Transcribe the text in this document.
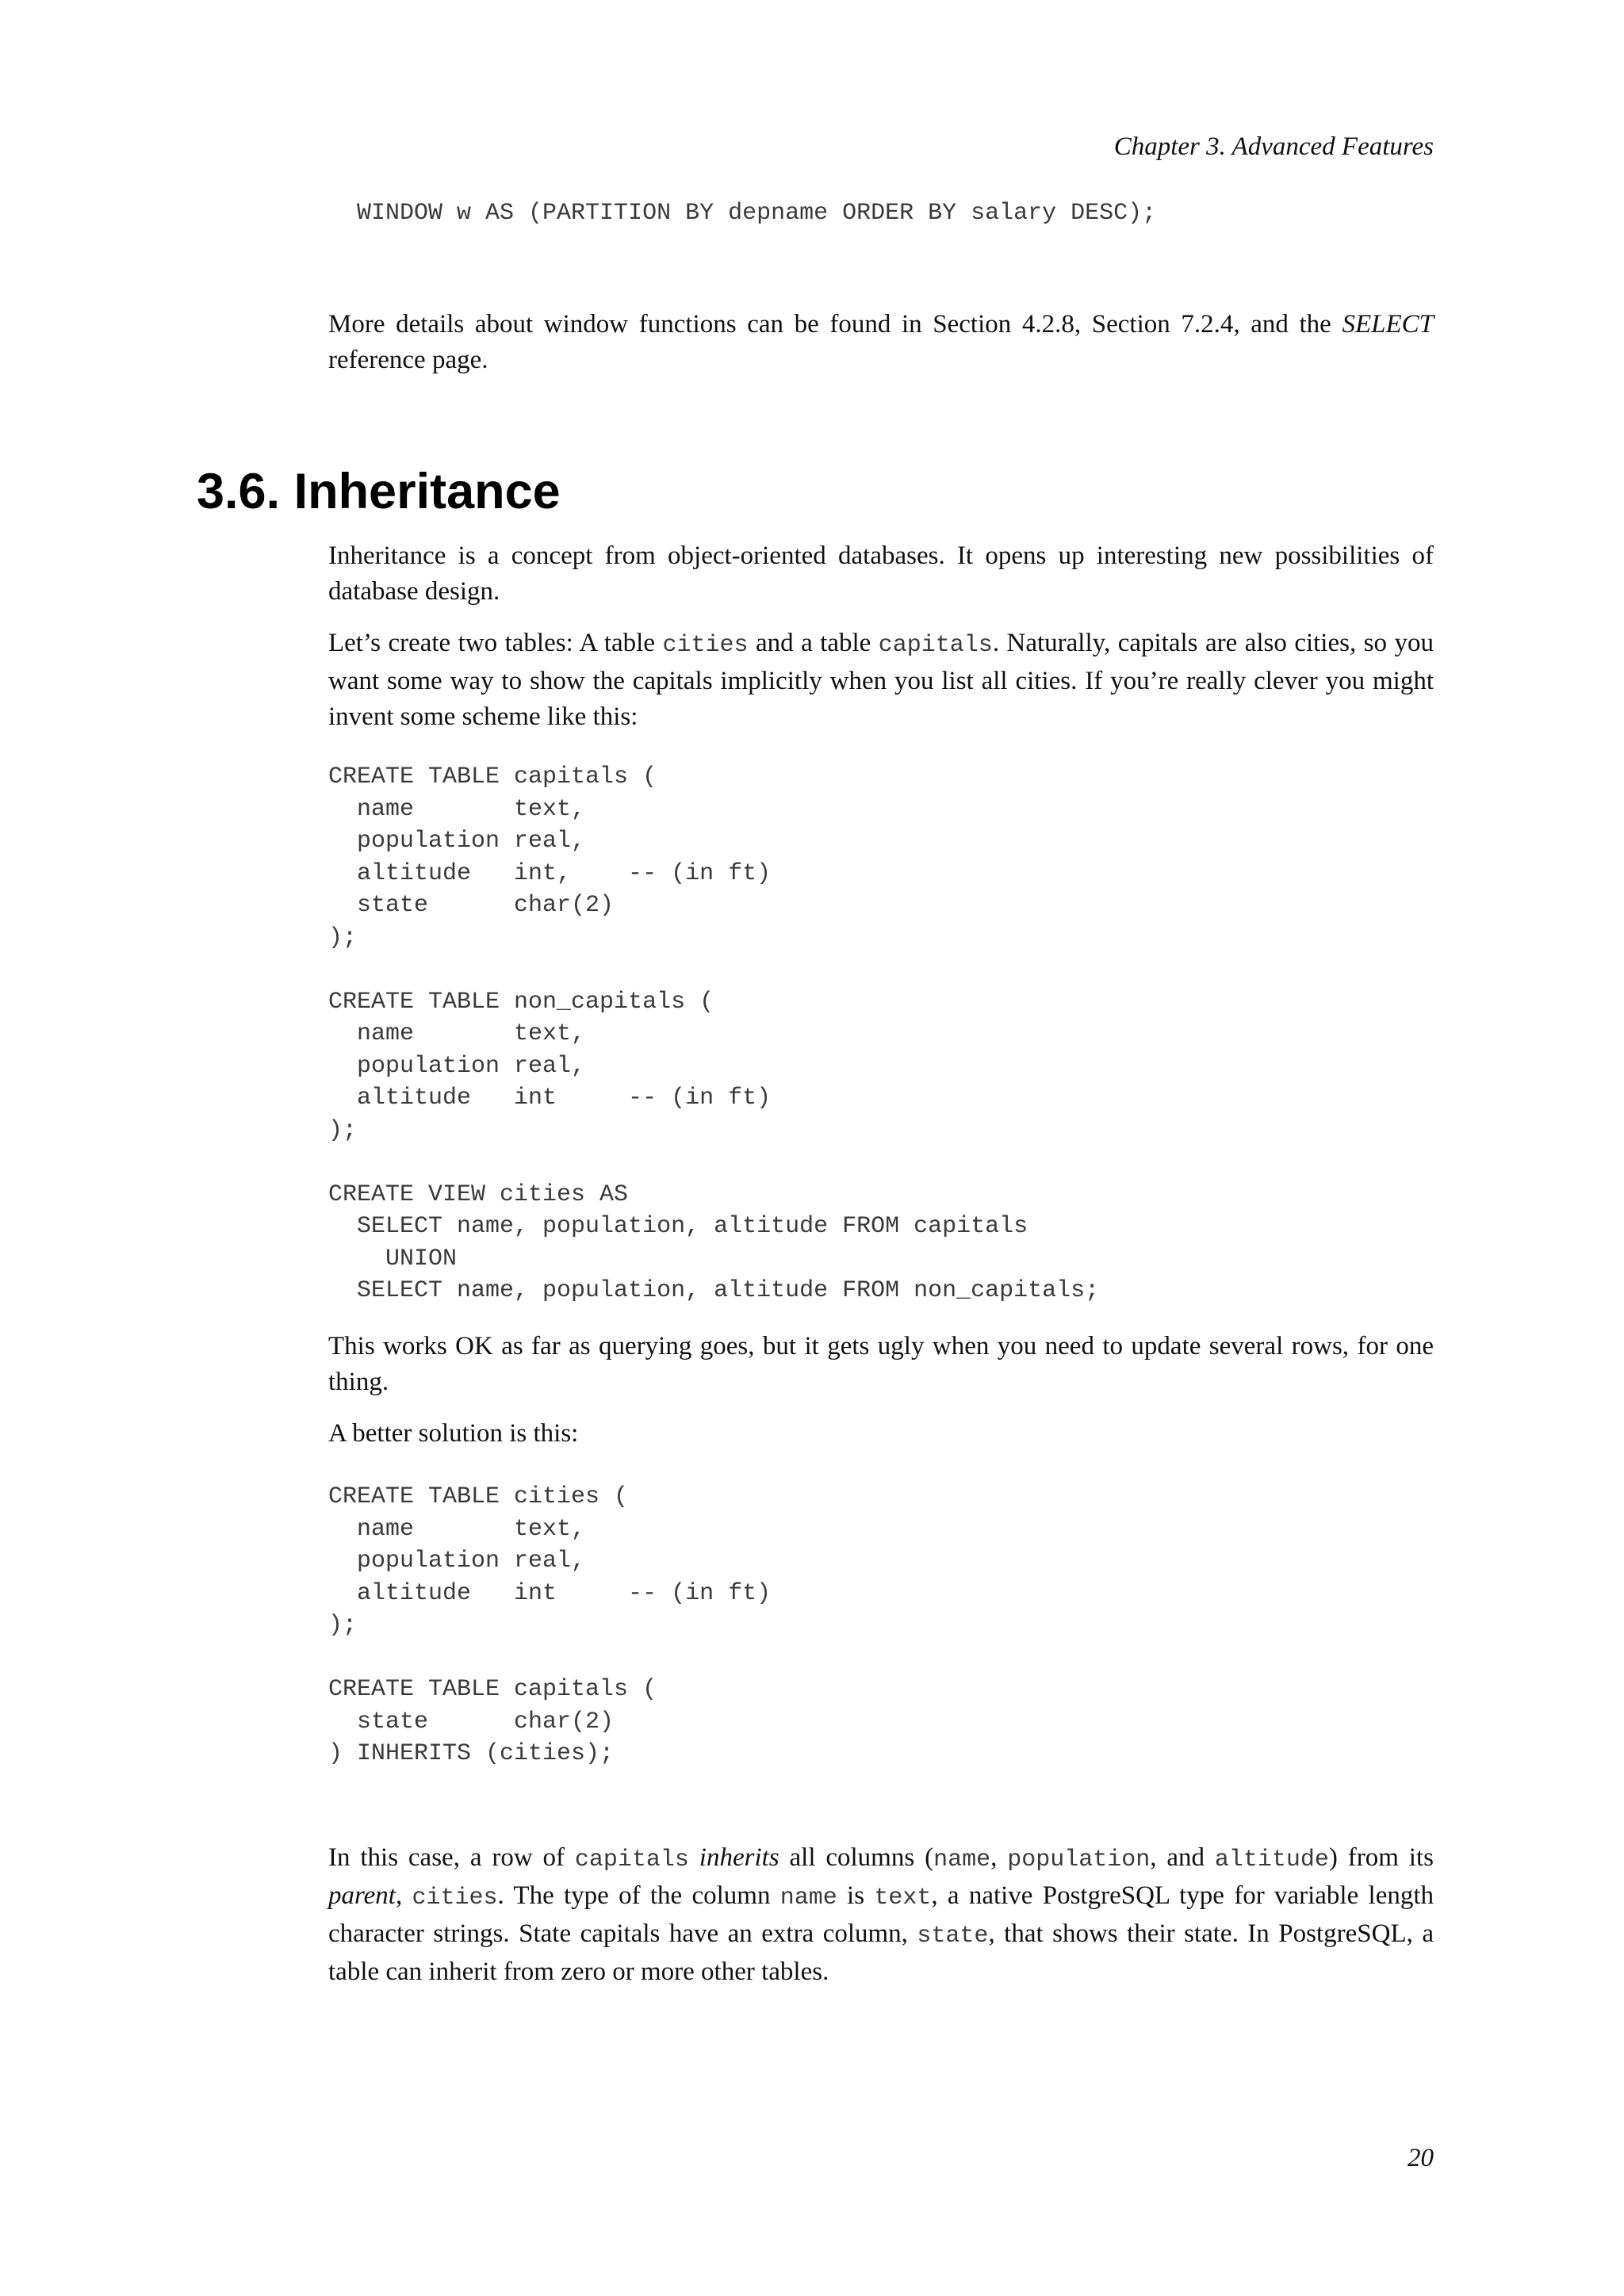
Chapter 3. Advanced Features
WINDOW w AS (PARTITION BY depname ORDER BY salary DESC);

More details about window functions can be found in Section 4.2.8, Section 7.2.4, and the SELECT reference page.

3.6. Inheritance

Inheritance is a concept from object-oriented databases. It opens up interesting new possibilities of database design.

Let’s create two tables: A table cities and a table capitals. Naturally, capitals are also cities, so you want some way to show the capitals implicitly when you list all cities. If you’re really clever you might invent some scheme like this:

CREATE TABLE capitals (
name       text,
population real,
altitude   int,    -- (in ft)
state      char(2)
);

CREATE TABLE non_capitals (
name       text,
population real,
altitude   int     -- (in ft)
);

CREATE VIEW cities AS
SELECT name, population, altitude FROM capitals
UNION
SELECT name, population, altitude FROM non_capitals;

This works OK as far as querying goes, but it gets ugly when you need to update several rows, for one thing.

A better solution is this:

CREATE TABLE cities (
name       text,
population real,
altitude   int     -- (in ft)
);

CREATE TABLE capitals (
state      char(2)
) INHERITS (cities);

In this case, a row of capitals inherits all columns (name, population, and altitude) from its parent, cities. The type of the column name is text, a native PostgreSQL type for variable length character strings. State capitals have an extra column, state, that shows their state. In PostgreSQL, a table can inherit from zero or more other tables.

20
